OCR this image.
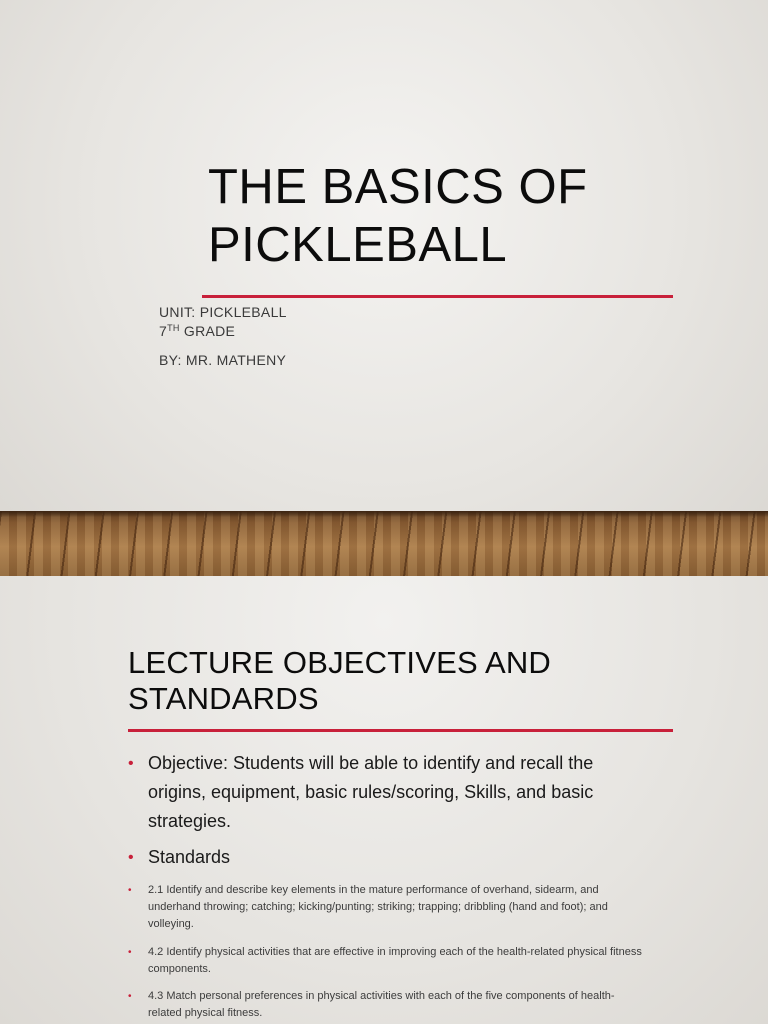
THE BASICS OF
PICKLEBALL
UNIT: PICKLEBALL
7TH GRADE
BY: MR. MATHENY
LECTURE OBJECTIVES AND
STANDARDS
• Objective: Students will be able to identify and recall the origins, equipment, basic rules/scoring, Skills, and basic strategies.
• Standards
•	2.1 Identify and describe key elements in the mature performance of overhand, sidearm, and underhand throwing; catching; kicking/punting; striking; trapping; dribbling (hand and foot); and volleying.
•	4.2 Identify physical activities that are effective in improving each of the health-related physical fitness components.
•	4.3 Match personal preferences in physical activities with each of the five components of health-related physical fitness.
